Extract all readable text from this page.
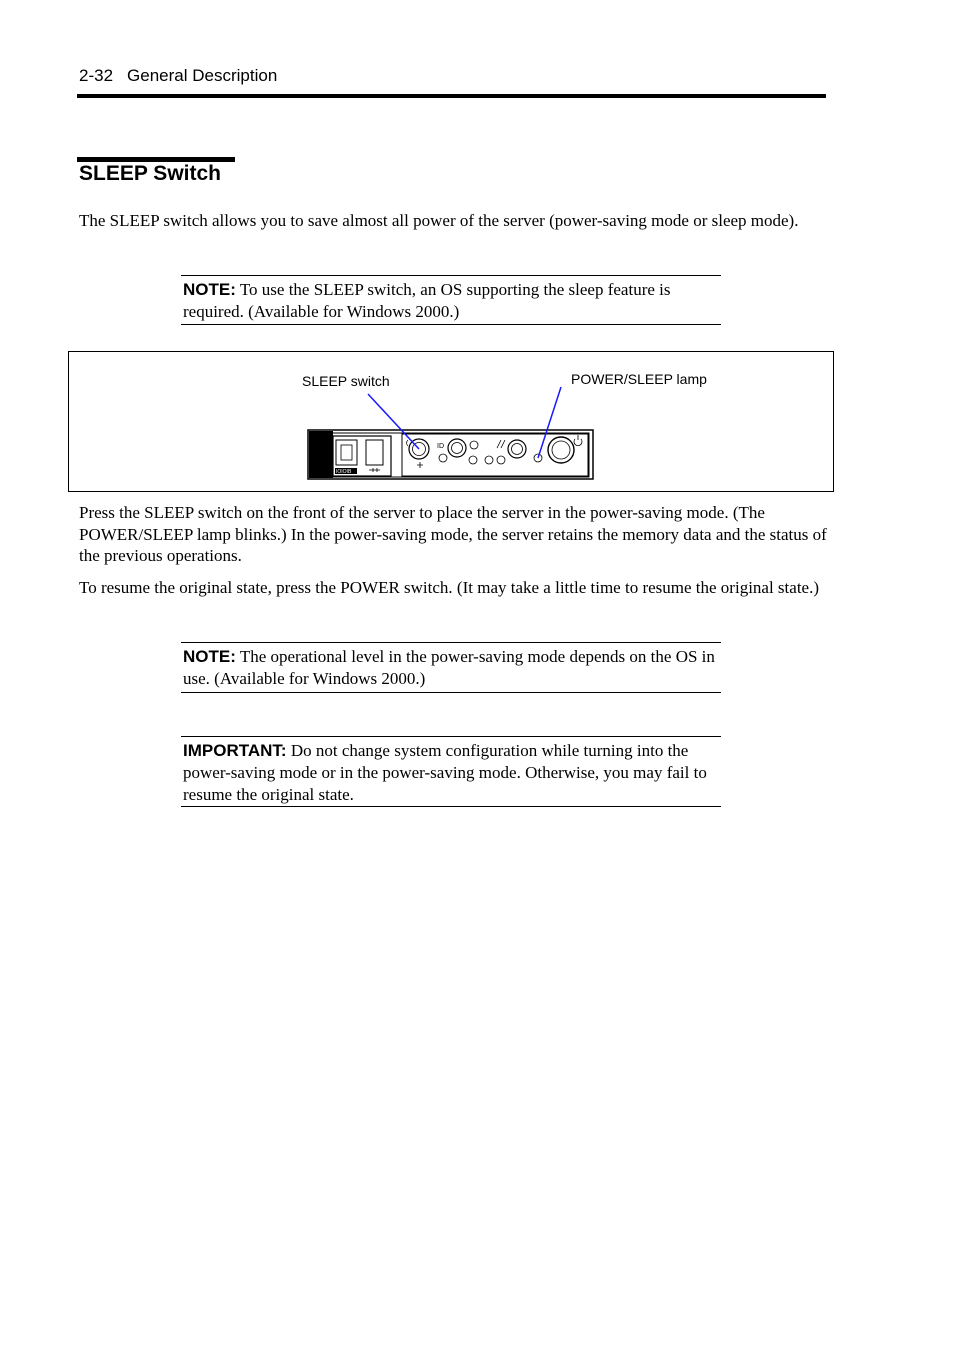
2-32 General Description
SLEEP Switch
The SLEEP switch allows you to save almost all power of the server (power-saving mode or sleep mode).
NOTE: To use the SLEEP switch, an OS supporting the sleep feature is required. (Available for Windows 2000.)
IOIOIB
ID
SLEEP switch	POWER/SLEEP lamp
Press the SLEEP switch on the front of the server to place the server in the power-saving mode. (The POWER/SLEEP lamp blinks.) In the power-saving mode, the server retains the memory data and the status of the previous operations.
To resume the original state, press the POWER switch. (It may take a little time to resume the original state.)
NOTE: The operational level in the power-saving mode depends on the OS in use. (Available for Windows 2000.)
IMPORTANT: Do not change system configuration while turning into the power-saving mode or in the power-saving mode. Otherwise, you may fail to resume the original state.
